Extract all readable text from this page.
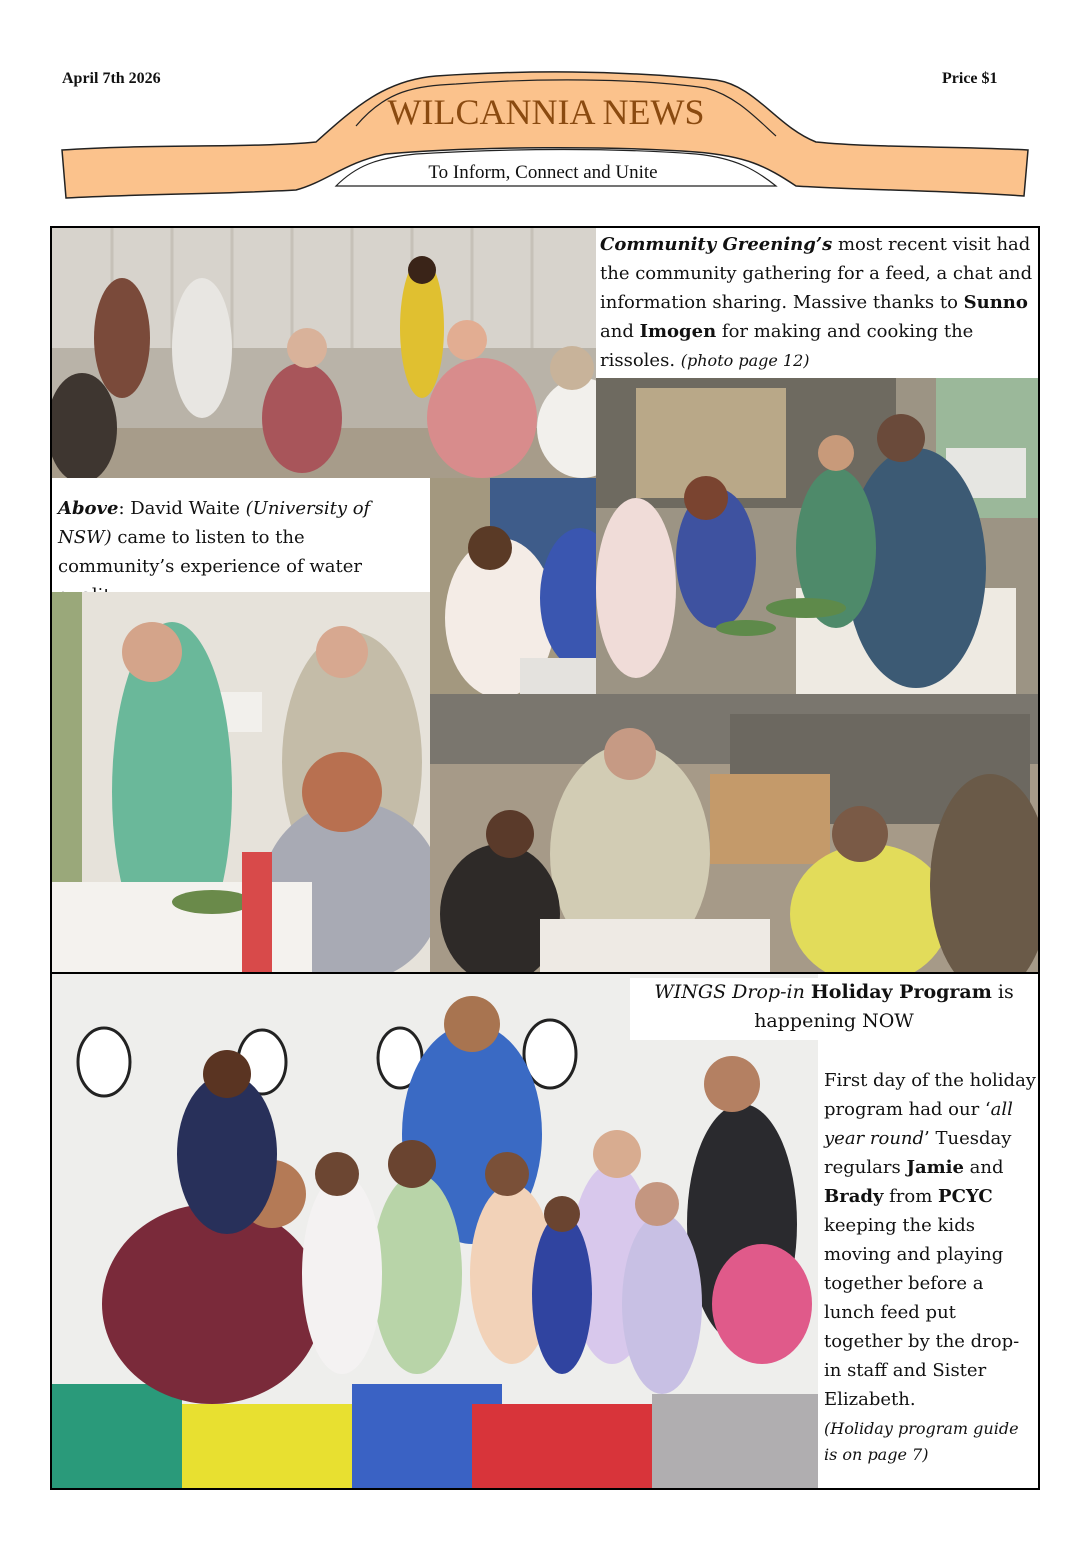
April 7th 2026	Price $1
WILCANNIA NEWS
To Inform, Connect and Unite
Community Greening’s most recent visit had the community gathering for a feed, a chat and information sharing. Massive thanks to Sunno and Imogen for making and cooking the rissoles. (photo page 12)
Above: David Waite (University of NSW) came to listen to the community’s experience of water
WINGS Drop-in Holiday Program is happening NOW
First day of the holiday program had our ‘all year round’ Tuesday regulars Jamie and Brady from PCYC keeping the kids moving and playing together before a lunch feed put together by the drop-in staff and Sister Elizabeth.
(Holiday program guide is on page 7)
